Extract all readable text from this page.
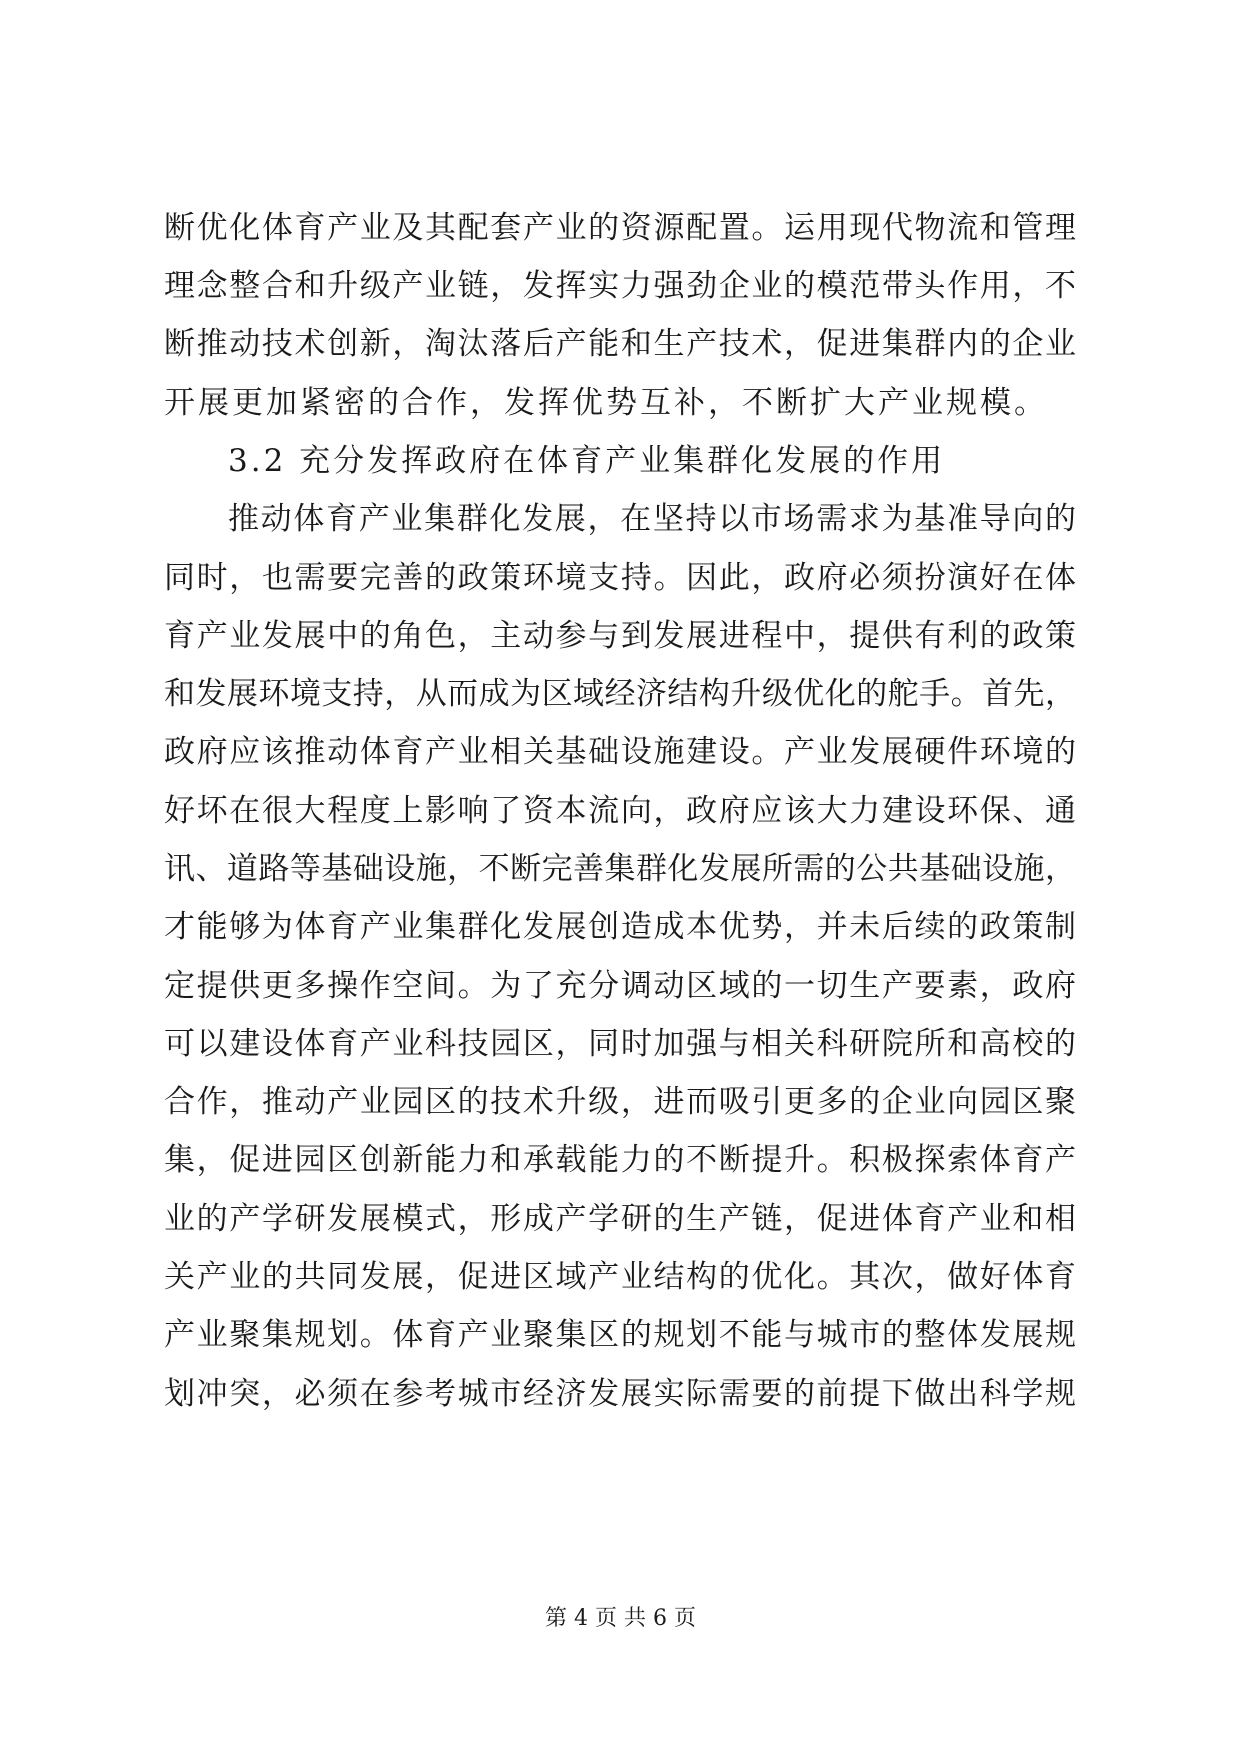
断优化体育产业及其配套产业的资源配置。运用现代物流和管理
理念整合和升级产业链，发挥实力强劲企业的模范带头作用，不
断推动技术创新，淘汰落后产能和生产技术，促进集群内的企业
开展更加紧密的合作，发挥优势互补，不断扩大产业规模。
3.2 充分发挥政府在体育产业集群化发展的作用
推动体育产业集群化发展，在坚持以市场需求为基准导向的
同时，也需要完善的政策环境支持。因此，政府必须扮演好在体
育产业发展中的角色，主动参与到发展进程中，提供有利的政策
和发展环境支持，从而成为区域经济结构升级优化的舵手。首先，
政府应该推动体育产业相关基础设施建设。产业发展硬件环境的
好坏在很大程度上影响了资本流向，政府应该大力建设环保、通
讯、道路等基础设施，不断完善集群化发展所需的公共基础设施，
才能够为体育产业集群化发展创造成本优势，并未后续的政策制
定提供更多操作空间。为了充分调动区域的一切生产要素，政府
可以建设体育产业科技园区，同时加强与相关科研院所和高校的
合作，推动产业园区的技术升级，进而吸引更多的企业向园区聚
集，促进园区创新能力和承载能力的不断提升。积极探索体育产
业的产学研发展模式，形成产学研的生产链，促进体育产业和相
关产业的共同发展，促进区域产业结构的优化。其次，做好体育
产业聚集规划。体育产业聚集区的规划不能与城市的整体发展规
划冲突，必须在参考城市经济发展实际需要的前提下做出科学规
第 4 页 共 6 页
